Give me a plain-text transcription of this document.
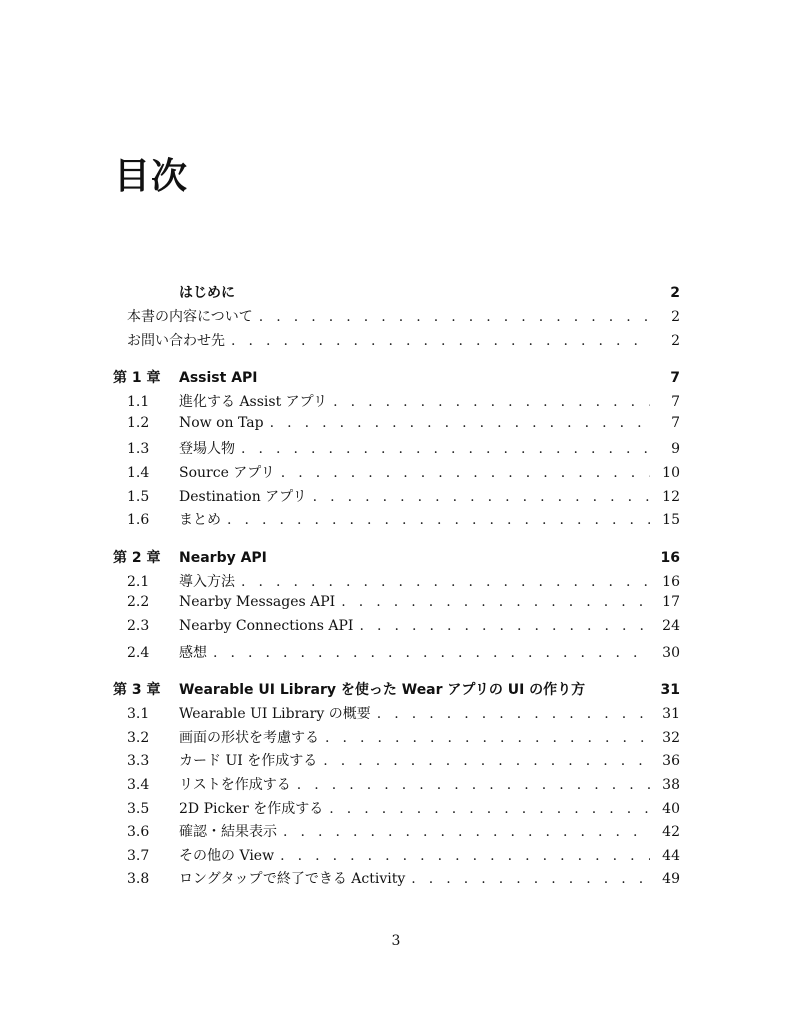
目次
はじめに	2
本書の内容について . . .	2
お問い合わせ先 . . .	2
第 1 章	Assist API	7
1.1	進化する Assist アプリ . . .	7
1.2	Now on Tap . . .	7
1.3	登場人物 . . .	9
1.4	Source アプリ . . .	10
1.5	Destination アプリ . . .	12
1.6	まとめ . . .	15
第 2 章	Nearby API	16
2.1	導入方法 . . .	16
2.2	Nearby Messages API . . .	17
2.3	Nearby Connections API . . .	24
2.4	感想 . . .	30
第 3 章	Wearable UI Library を使った Wear アプリの UI の作り方	31
3.1	Wearable UI Library の概要 . . .	31
3.2	画面の形状を考慮する . . .	32
3.3	カード UI を作成する . . .	36
3.4	リストを作成する . . .	38
3.5	2D Picker を作成する . . .	40
3.6	確認・結果表示 . . .	42
3.7	その他の View . . .	44
3.8	ロングタップで終了できる Activity . . .	49
3
